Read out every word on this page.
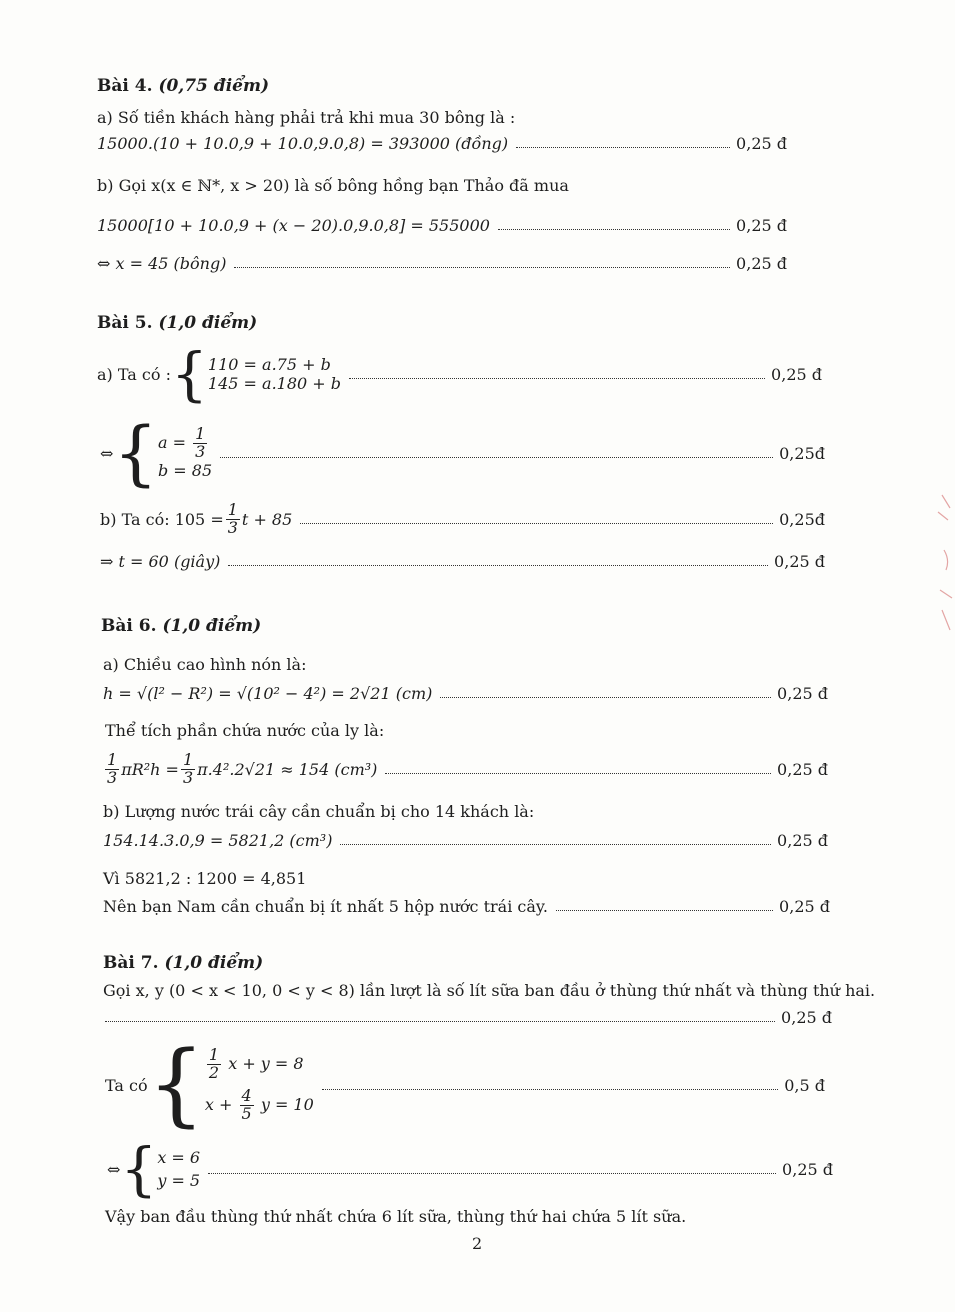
Bài 4. (0,75 điểm)
a) Số tiền khách hàng phải trả khi mua 30 bông là :
15000.(10 + 10.0,9 + 10.0,9.0,8) = 393000 (đồng)	0,25 đ
b) Gọi x(x ∈ ℕ*, x > 20) là số bông hồng bạn Thảo đã mua
15000[10 + 10.0,9 + (x − 20).0,9.0,8] = 555000	0,25 đ
⇔ x = 45 (bông)	0,25 đ
Bài 5. (1,0 điểm)
a) Ta có : { 110 = a.75 + b
145 = a.180 + b	0,25 đ
⇔ { $a = \frac{1}{3}$
b = 85
0,25đ
b) Ta có: $105 = \frac{1}{3}$ t + 85	0,25đ
⇒ t = 60 (giây)	0,25 đ
Bài 6. (1,0 điểm)
a) Chiều cao hình nón là:
h = √(l² − R²) = √(10² − 4²) = 2√21 (cm)	0,25 đ
Thể tích phần chứa nước của ly là:
$\frac{1}{3} \pi R^2h = \frac{1}{3} \pi.4^2.2√21 \approx 154$ (cm³)	0,25 đ
b) Lượng nước trái cây cần chuẩn bị cho 14 khách là:
154.14.3.0,9 = 5821,2 (cm³)	0,25 đ
Vì 5821,2 : 1200 = 4,851
Nên bạn Nam cần chuẩn bị ít nhất 5 hộp nước trái cây.	0,25 đ
Bài 7. (1,0 điểm)
Gọi x, y (0 < x < 10, 0 < y < 8) lần lượt là số lít sữa ban đầu ở thùng thứ nhất và thùng thứ hai.
0,25 đ
Ta có { $\frac{1}{2}$ x + y = 8
$x + \frac{4}{5}$ y = 10
0,5 đ
⇔ { x = 6
y = 5
0,25 đ
Vậy ban đầu thùng thứ nhất chứa 6 lít sữa, thùng thứ hai chứa 5 lít sữa.
2
